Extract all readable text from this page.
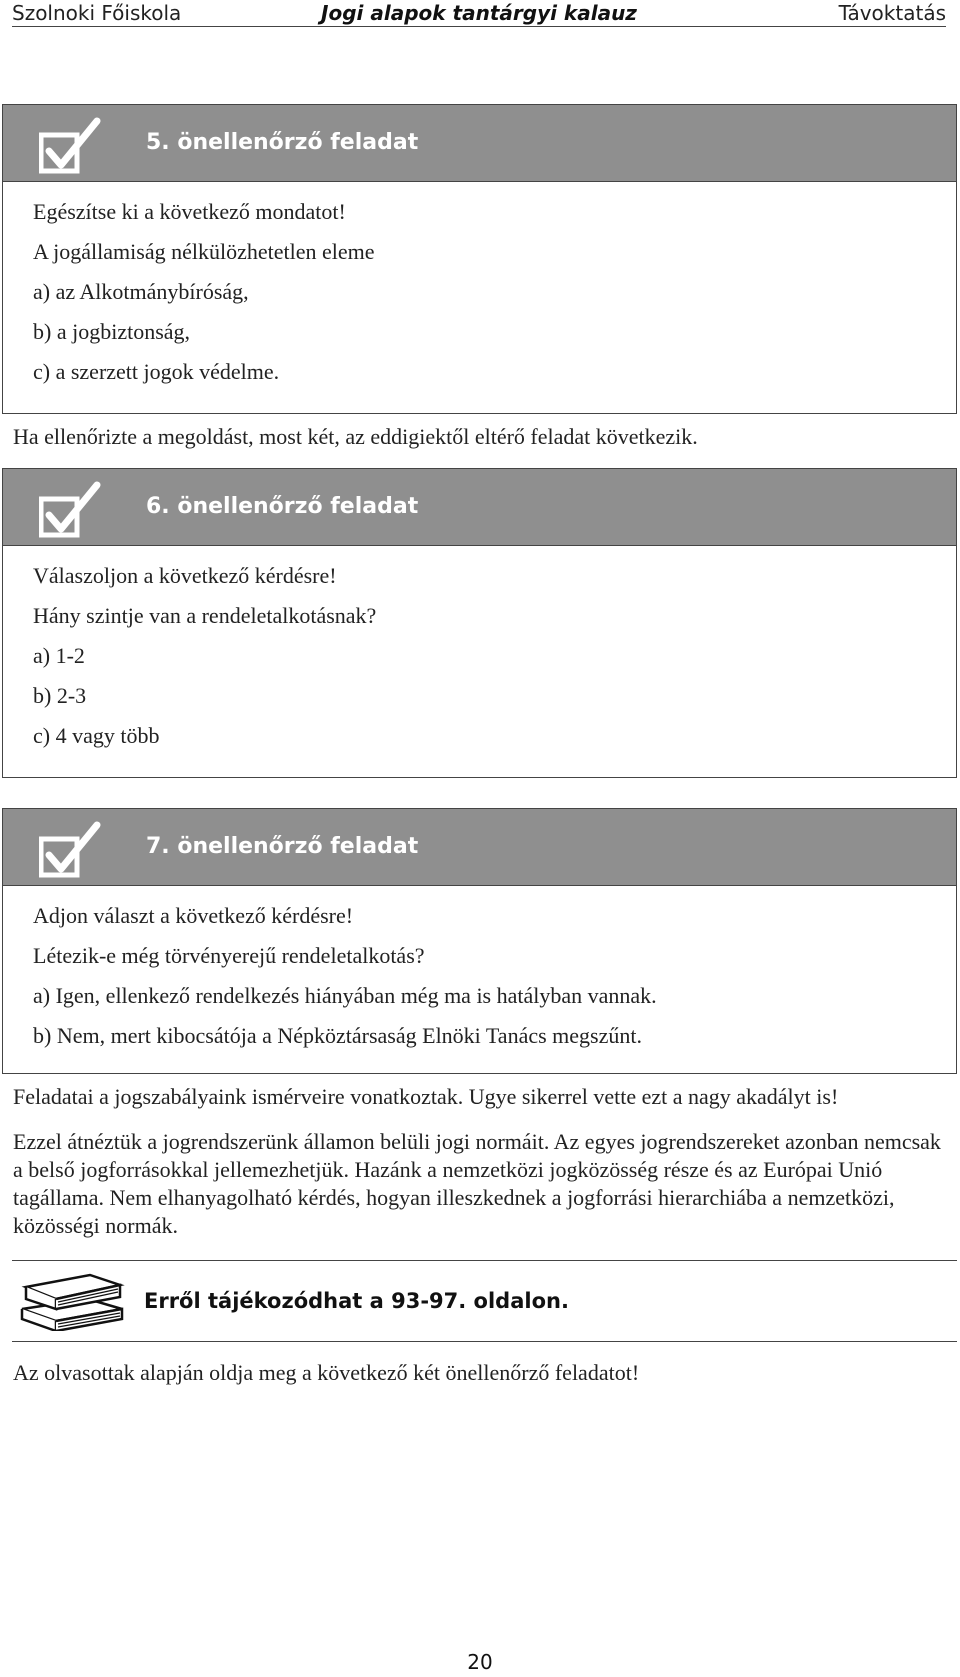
Szolnoki Főiskola	Jogi alapok tantárgyi kalauz	Távoktatás
5. önellenőrző feladat
Egészítse ki a következő mondatot!
A jogállamiság nélkülözhetetlen eleme
a) az Alkotmánybíróság,
b) a jogbiztonság,
c) a szerzett jogok védelme.
Ha ellenőrizte a megoldást, most két, az eddigiektől eltérő feladat következik.
6. önellenőrző feladat
Válaszoljon a következő kérdésre!
Hány szintje van a rendeletalkotásnak?
a) 1-2
b) 2-3
c) 4 vagy több
7. önellenőrző feladat
Adjon választ a következő kérdésre!
Létezik-e még törvényerejű rendeletalkotás?
a) Igen, ellenkező rendelkezés hiányában még ma is hatályban vannak.
b) Nem, mert kibocsátója a Népköztársaság Elnöki Tanács megszűnt.
Feladatai a jogszabályaink ismérveire vonatkoztak. Ugye sikerrel vette ezt a nagy akadályt is!
Ezzel átnéztük a jogrendszerünk államon belüli jogi normáit. Az egyes jogrendszereket azonban nemcsak a belső jogforrásokkal jellemezhetjük. Hazánk a nemzetközi jogközösség része és az Európai Unió tagállama. Nem elhanyagolható kérdés, hogyan illeszkednek a jogforrási hierarchiába a nemzetközi, közösségi normák.
Erről tájékozódhat a 93-97. oldalon.
Az olvasottak alapján oldja meg a következő két önellenőrző feladatot!
20
